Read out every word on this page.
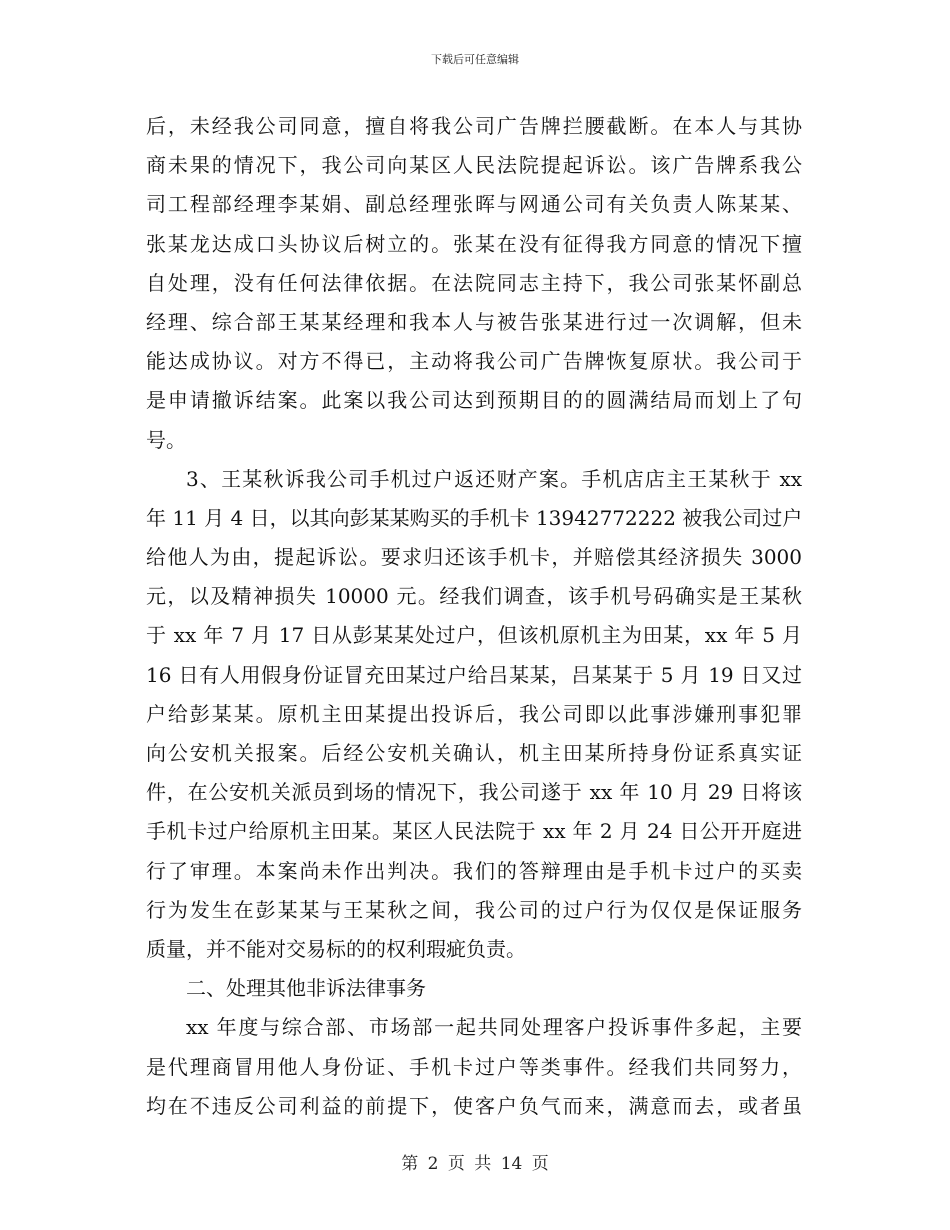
下载后可任意编辑
后，未经我公司同意，擅自将我公司广告牌拦腰截断。在本人与其协
商未果的情况下，我公司向某区人民法院提起诉讼。该广告牌系我公
司工程部经理李某娟、副总经理张晖与网通公司有关负责人陈某某、
张某龙达成口头协议后树立的。张某在没有征得我方同意的情况下擅
自处理，没有任何法律依据。在法院同志主持下，我公司张某怀副总
经理、综合部王某某经理和我本人与被告张某进行过一次调解，但未
能达成协议。对方不得已，主动将我公司广告牌恢复原状。我公司于
是申请撤诉结案。此案以我公司达到预期目的的圆满结局而划上了句
号。
3、王某秋诉我公司手机过户返还财产案。手机店店主王某秋于 xx
年 11 月 4 日，以其向彭某某购买的手机卡 13942772222 被我公司过户
给他人为由，提起诉讼。要求归还该手机卡，并赔偿其经济损失 3000
元，以及精神损失 10000 元。经我们调查，该手机号码确实是王某秋
于 xx 年 7 月 17 日从彭某某处过户，但该机原机主为田某，xx 年 5 月
16 日有人用假身份证冒充田某过户给吕某某，吕某某于 5 月 19 日又过
户给彭某某。原机主田某提出投诉后，我公司即以此事涉嫌刑事犯罪
向公安机关报案。后经公安机关确认，机主田某所持身份证系真实证
件，在公安机关派员到场的情况下，我公司遂于 xx 年 10 月 29 日将该
手机卡过户给原机主田某。某区人民法院于 xx 年 2 月 24 日公开开庭进
行了审理。本案尚未作出判决。我们的答辩理由是手机卡过户的买卖
行为发生在彭某某与王某秋之间，我公司的过户行为仅仅是保证服务
质量，并不能对交易标的的权利瑕疵负责。
二、处理其他非诉法律事务
xx 年度与综合部、市场部一起共同处理客户投诉事件多起，主要
是代理商冒用他人身份证、手机卡过户等类事件。经我们共同努力，
均在不违反公司利益的前提下，使客户负气而来，满意而去，或者虽
第 2 页 共 14 页
